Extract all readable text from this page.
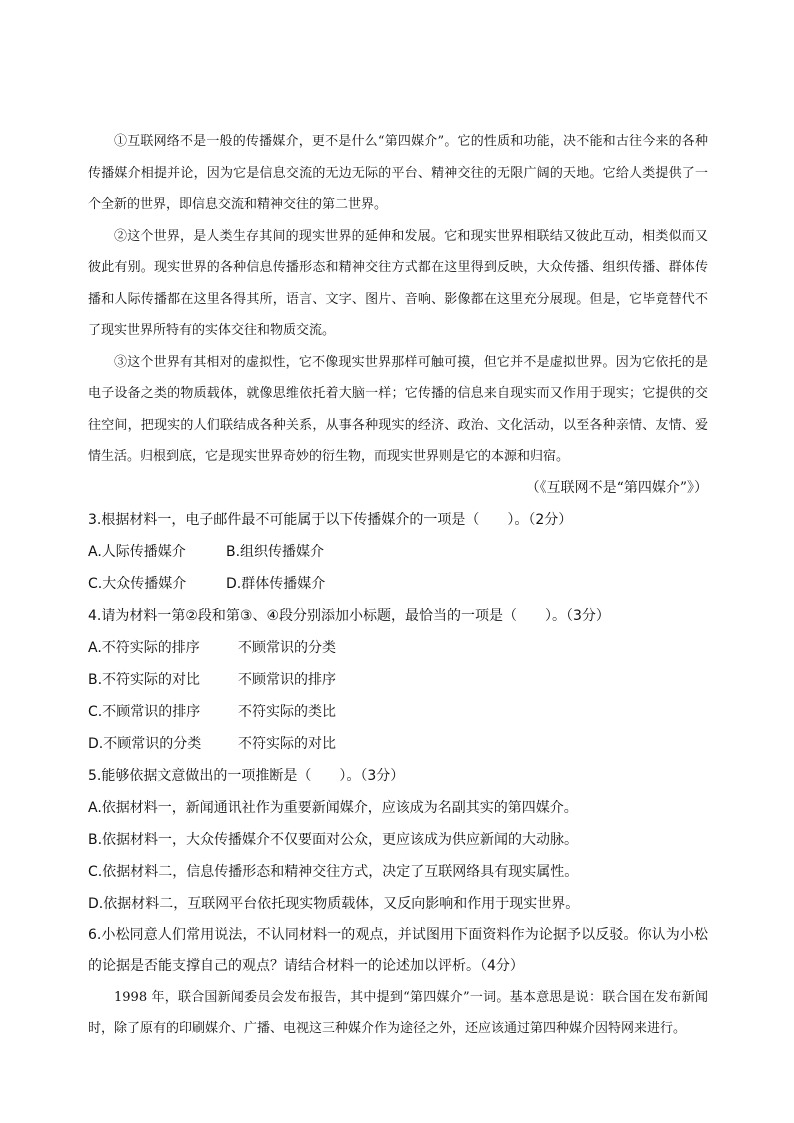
①互联网络不是一般的传播媒介，更不是什么“第四媒介”。它的性质和功能，决不能和古往今来的各种传播媒介相提并论，因为它是信息交流的无边无际的平台、精神交往的无限广阔的天地。它给人类提供了一个全新的世界，即信息交流和精神交往的第二世界。

②这个世界，是人类生存其间的现实世界的延伸和发展。它和现实世界相联结又彼此互动，相类似而又彼此有别。现实世界的各种信息传播形态和精神交往方式都在这里得到反映，大众传播、组织传播、群体传播和人际传播都在这里各得其所，语言、文字、图片、音响、影像都在这里充分展现。但是，它毕竟替代不了现实世界所特有的实体交往和物质交流。

③这个世界有其相对的虚拟性，它不像现实世界那样可触可摸，但它并不是虚拟世界。因为它依托的是电子设备之类的物质载体，就像思维依托着大脑一样；它传播的信息来自现实而又作用于现实；它提供的交往空间，把现实的人们联结成各种关系，从事各种现实的经济、政治、文化活动，以至各种亲情、友情、爱情生活。归根到底，它是现实世界奇妙的衍生物，而现实世界则是它的本源和归宿。

（《互联网不是“第四媒介”》）

3.根据材料一，电子邮件最不可能属于以下传播媒介的一项是（　　）。（2分）

A.人际传播媒介	B.组织传播媒介

C.大众传播媒介	D.群体传播媒介

4.请为材料一第②段和第③、④段分别添加小标题，最恰当的一项是（　　）。（3分）

A.不符实际的排序	不顾常识的分类

B.不符实际的对比	不顾常识的排序

C.不顾常识的排序	不符实际的类比

D.不顾常识的分类	不符实际的对比

5.能够依据文意做出的一项推断是（　　）。（3分）

A.依据材料一，新闻通讯社作为重要新闻媒介，应该成为名副其实的第四媒介。

B.依据材料一，大众传播媒介不仅要面对公众，更应该成为供应新闻的大动脉。

C.依据材料二，信息传播形态和精神交往方式，决定了互联网络具有现实属性。

D.依据材料二，互联网平台依托现实物质载体，又反向影响和作用于现实世界。

6.小松同意人们常用说法，不认同材料一的观点，并试图用下面资料作为论据予以反驳。你认为小松的论据是否能支撑自己的观点？请结合材料一的论述加以评析。（4分）

1998 年，联合国新闻委员会发布报告，其中提到“第四媒介”一词。基本意思是说：联合国在发布新闻时，除了原有的印刷媒介、广播、电视这三种媒介作为途径之外，还应该通过第四种媒介因特网来进行。
